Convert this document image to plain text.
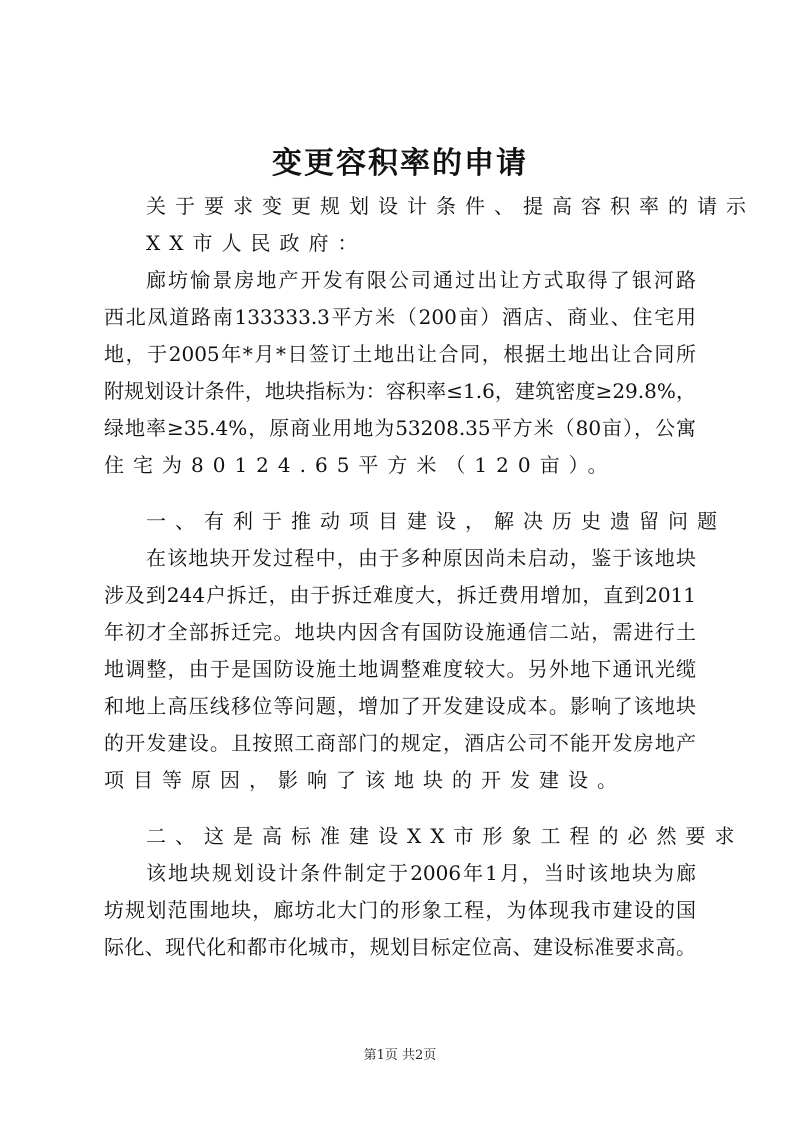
变更容积率的申请
关于要求变更规划设计条件、提高容积率的请示
XX市人民政府：
廊坊愉景房地产开发有限公司通过出让方式取得了银河路
西北凤道路南133333.3平方米（200亩）酒店、商业、住宅用
地，于2005年*月*日签订土地出让合同，根据土地出让合同所
附规划设计条件，地块指标为：容积率≤1.6，建筑密度≥29.8%，
绿地率≥35.4%，原商业用地为53208.35平方米（80亩），公寓
住宅为80124.65平方米（120亩）。
一、有利于推动项目建设，解决历史遗留问题
在该地块开发过程中，由于多种原因尚未启动，鉴于该地块
涉及到244户拆迁，由于拆迁难度大，拆迁费用增加，直到2011
年初才全部拆迁完。地块内因含有国防设施通信二站，需进行土
地调整，由于是国防设施土地调整难度较大。另外地下通讯光缆
和地上高压线移位等问题，增加了开发建设成本。影响了该地块
的开发建设。且按照工商部门的规定，酒店公司不能开发房地产
项目等原因，影响了该地块的开发建设。
二、这是高标准建设XX市形象工程的必然要求
该地块规划设计条件制定于2006年1月，当时该地块为廊
坊规划范围地块，廊坊北大门的形象工程，为体现我市建设的国
际化、现代化和都市化城市，规划目标定位高、建设标准要求高。
第1页 共2页
